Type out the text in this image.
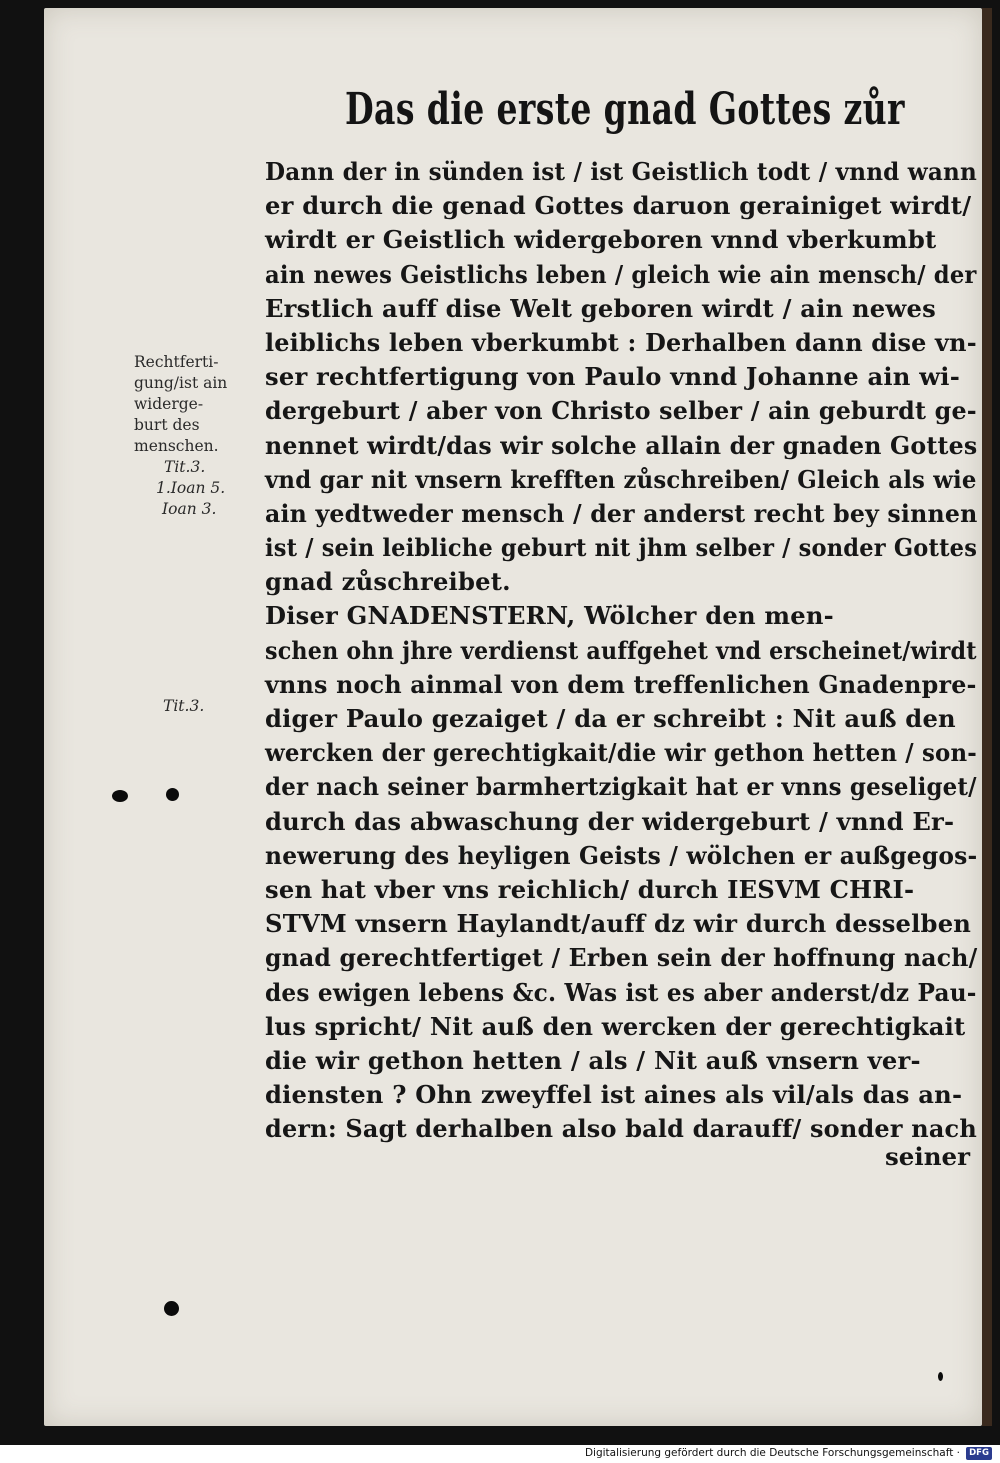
Das die erste gnad Gottes zůr
Dann der in sünden ist / ist Geistlich todt / vnnd wann
er durch die genad Gottes daruon gerainiget wirdt/
wirdt er Geistlich widergeboren vnnd vberkumbt
ain newes Geistlichs leben / gleich wie ain mensch/ der
Erstlich auff dise Welt geboren wirdt / ain newes
leiblichs leben vberkumbt : Derhalben dann dise vn-
ser rechtfertigung von Paulo vnnd Johanne ain wi-
dergeburt / aber von Christo selber / ain geburdt ge-
nennet wirdt/das wir solche allain der gnaden Gottes
vnd gar nit vnsern krefften zůschreiben/ Gleich als wie
ain yedtweder mensch / der anderst recht bey sinnen
ist / sein leibliche geburt nit jhm selber / sonder Gottes
gnad zůschreibet.
Diser GNADENSTERN, Wölcher den men-
schen ohn jhre verdienst auffgehet vnd erscheinet/wirdt
vnns noch ainmal von dem treffenlichen Gnadenpre-
diger Paulo gezaiget / da er schreibt : Nit auß den
wercken der gerechtigkait/die wir gethon hetten / son-
der nach seiner barmhertzigkait hat er vnns geseliget/
durch das abwaschung der widergeburt / vnnd Er-
newerung des heyligen Geists / wölchen er außgegos-
sen hat vber vns reichlich/ durch IESVM CHRI-
STVM vnsern Haylandt/auff dz wir durch desselben
gnad gerechtfertiget / Erben sein der hoffnung nach/
des ewigen lebens &c. Was ist es aber anderst/dz Pau-
lus spricht/ Nit auß den wercken der gerechtigkait
die wir gethon hetten / als / Nit auß vnsern ver-
diensten ? Ohn zweyffel ist aines als vil/als das an-
dern: Sagt derhalben also bald darauff/ sonder nach
seiner
Rechtferti-
gung/ist ain
widerge-
burt des
menschen.
Tit.3.
1.Ioan 5.
Ioan 3.
Tit.3.
Digitalisierung gefördert durch die Deutsche Forschungsgemeinschaft ·	DFG
